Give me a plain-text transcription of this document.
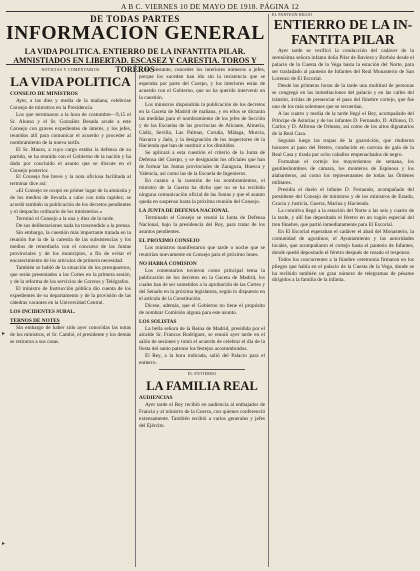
A B C. VIERNES 10 DE MAYO DE 1918. PÁGINA 12
DE TODAS PARTES
INFORMACION GENERAL
LA VIDA POLITICA. ENTIERRO DE LA INFANTITA PILAR. AMNISTIADOS EN LIBERTAD. ESCASEZ Y CARESTIA. TOROS Y TOREROS
▸
▸

NOTICIAS Y COMENTARIOS

LA VIDA POLITICA
CONSEJO DE MINISTROS

Ayer, a las diez y media de la mañana, celebróse Consejo de ministros en la Presidencia.

Los que terminaron a la hora de costumbre—9,15 el Sr. Alonso y el Sr. González Besada acude a este Consejo con graves expedientes de interés, y los jefes, reunidos allí para comunicar el acuerdo y proceder al nombramiento de la nueva tarifa.

El Sr. Maura, a cuyo cargo estaba la defensa de su partido, se ha reunido con el Gobierno de la nación y ha dado por concluido el asunto que se discute en el Consejo posterior.

El Consejo fue breve y la nota oficiosa facilitada al terminar dice así:

«El Consejo se ocupó en primer lugar de la amnistía y de los medios de llevarla a cabo con toda rapidez; se acordó también la publicación de los decretos pendientes y el despacho ordinario de los ministerios.»

Terminó el Consejo a la una y diez de la tarde.

De sus deliberaciones nada ha trascendido a la prensa.

Sin embargo, la cuestión más importante tratada en la reunión fue la de la carestía de las subsistencias y los medios de remediarla con el concurso de las Juntas provinciales y de los municipios, a fin de evitar el encarecimiento de los artículos de primera necesidad.

También se habló de la situación de los presupuestos, que serán presentados a las Cortes en la primera sesión, y de la reforma de los servicios de Correos y Telégrafos.

El ministro de Instrucción pública dio cuenta de los expedientes de su departamento y de la provisión de las cátedras vacantes en la Universidad Central.

LOS INCIDENTES SUBAL.
TERNOS DE NOTES

Sin embargo de haber sido ayer conocidas las notas de los ministros, el Sr. Cambó, el presidente y los demás se retiraron a sus casas.

no obstante, conceder los interiores números a jefes, porque los suceden han ido sin la resistencia que se esperaba por parte del Cuerpo, y los interiores están de acuerdo con el Gobierno, que no ha querido intervenir en la cuestión.

Los ministros dispondrán la publicación de los decretos en la Gaceta de Madrid de mañana, y en ellos se dictarán las medidas para el nombramiento de los jefes de Sección y de las Escuelas de las provincias de Alicante, Almería, Cádiz, Sevilla, Las Palmas, Coruña, Málaga, Murcia, Navarra y Jaén, y la designación de los inspectores de la Hacienda que han de sustituir a los dimitidos.

Se aplicará a esta cuestión el criterio de la Junta de Defensa del Cuerpo, y se designarán los oficiales que han de formar las Juntas provinciales de Zaragoza, Huesca y Valencia, así como las de la Escuela de Ingenieros.

En cuanto a la cuestión de los nombramientos, el ministro de la Guerra ha dicho que no se ha recibido ninguna comunicación oficial de las Juntas y que el asunto queda en suspenso hasta la próxima reunión del Consejo.

LA JUNTA DE DEFENSA NACIONAL

Terminado el Consejo se reunió la Junta de Defensa Nacional, bajo la presidencia del Rey, para tratar de los asuntos pendientes.

EL PROXIMO CONSEJO

Los ministros manifestaron que tarde o noche que se reunirían nuevamente en Consejo para el próximo lunes.

NO HABRÁ COMISION

Los comentarios tuvieron como principal tema la publicación de los decretos en la Gaceta de Madrid, los cuales han de ser sometidos a la aprobación de las Cortes y del Senado en la próxima legislatura, según lo dispuesto en el artículo de la Constitución.

Dícese, además, que el Gobierno no tiene el propósito de nombrar Comisión alguna para este asunto.

LOS SOLISTAS

La bella señora de la Reina de Madrid, presidida por el alcalde Sr. Francos Rodríguez, se reunió ayer tarde en el salón de sesiones y tomó el acuerdo de celebrar el día de la fiesta del santo patrono los festejos acostumbrados.

El Rey, a la hora indicada, salió del Palacio para el entierro.

EL ENTIERRO

LA FAMILIA REAL
AUDIENCIAS

Ayer tarde el Rey recibió en audiencia al embajador de Francia y al ministro de la Guerra, con quienes conferenció extensamente. También recibió a varios generales y jefes del Ejército.

EL PANTEON REGIO

ENTIERRO DE LA IN-

FANTITA PILAR

Ayer tarde se verificó la conducción del cadáver de la serenísima señora infanta doña Pilar de Baviera y Borbón desde el palacio de la Cuesta de la Vega hasta la estación del Norte, para ser trasladado al panteón de Infantes del Real Monasterio de San Lorenzo de El Escorial.

Desde las primeras horas de la tarde una multitud de personas se congregó en las inmediaciones del palacio y en las calles del tránsito, ávidas de presenciar el paso del fúnebre cortejo, que fue uno de los más solemnes que se recuerdan.

A las cuatro y media de la tarde llegó el Rey, acompañado del Príncipe de Asturias y de los infantes D. Fernando, D. Alfonso, D. Carlos y D. Alfonso de Orleans, así como de los altos dignatarios de la Real Casa.

Seguían luego las tropas de la guarnición, que rindieron honores al paso del féretro, conducido en carroza de gala de la Real Casa y tirada por ocho caballos empenachados de negro.

Formaban el cortejo los mayordomos de semana, los gentileshombres de cámara, los monteros de Espinosa y los alabarderos, así como los representantes de todas las Órdenes militares.

Presidía el duelo el infante D. Fernando, acompañado del presidente del Consejo de ministros y de los ministros de Estado, Gracia y Justicia, Guerra, Marina y Hacienda.

La comitiva llegó a la estación del Norte a las seis y cuarto de la tarde, y allí fue depositado el féretro en un vagón especial del tren fúnebre, que partió inmediatamente para El Escorial.

En El Escorial esperaban el cadáver el abad del Monasterio, la comunidad de agustinos, el Ayuntamiento y las autoridades locales, que acompañaron el cortejo hasta el panteón de Infantes, donde quedó depositado el féretro después de rezado el responso.

Todos los concurrentes a la fúnebre ceremonia firmaron en los pliegos que había en el palacio de la Cuesta de la Vega, donde se ha recibido también un gran número de telegramas de pésame dirigidos a la familia de la infanta.
